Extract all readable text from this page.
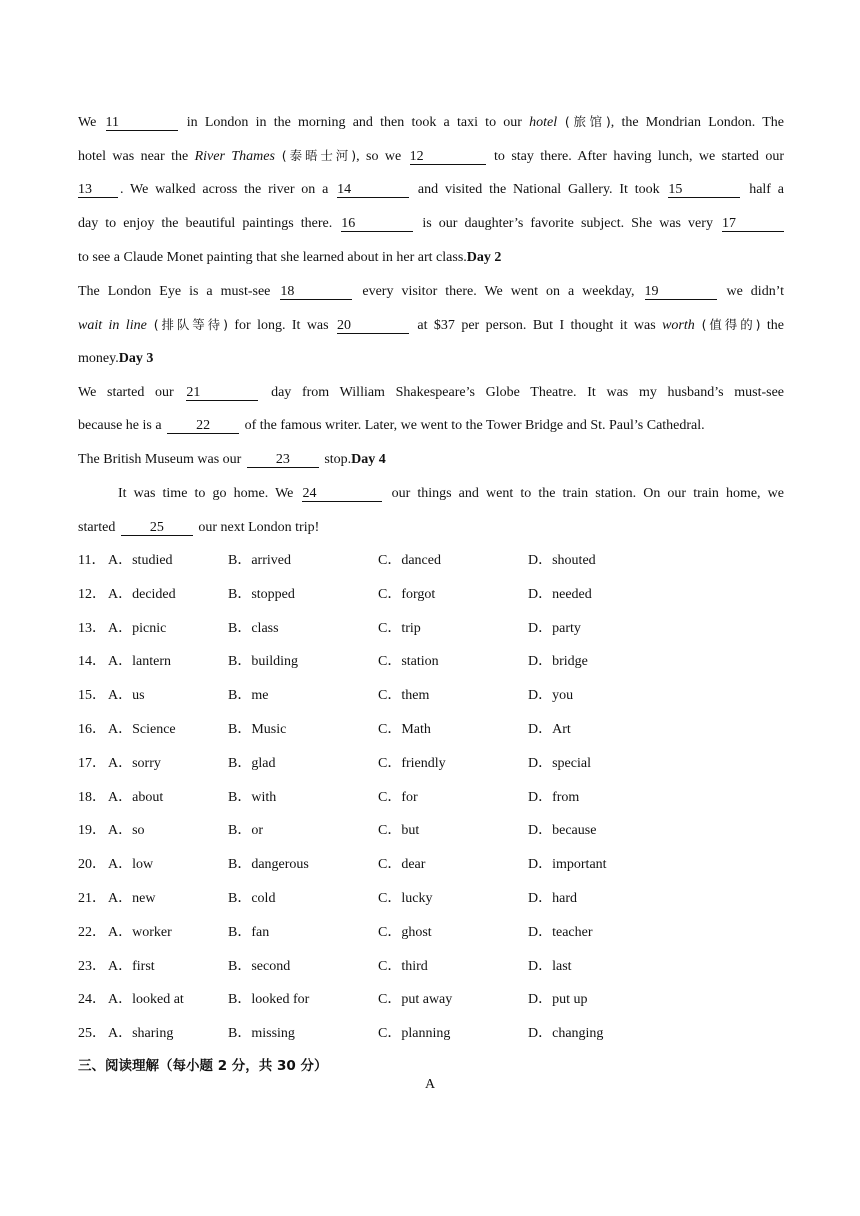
We 11	in London in the morning and then took a taxi to our hotel (旅馆), the Mondrian London. The
hotel was near the River Thames (泰晤士河), so we 12	to stay there. After having lunch, we started our
13 . We walked across the river on a 14	and visited the National Gallery. It took 15	half a
day to enjoy the beautiful paintings there. 16	is our daughter’s favorite subject. She was very 17
to see a Claude Monet painting that she learned about in her art class.Day 2
The London Eye is a must-see 18	every visitor there. We went on a weekday, 19	we didn’t
wait in line (排队等待) for long. It was 20	at $37 per person. But I thought it was worth (值得的) the
money.Day 3
We started our 21	day from William Shakespeare’s Globe Theatre. It was my husband’s must-see
because he is a 22 of the famous writer. Later, we went to the Tower Bridge and St. Paul’s Cathedral.
The British Museum was our 23 stop.Day 4
It was time to go home. We 24	our things and went to the train station. On our train home, we
started 25 our next London trip!
11． A．studied	B．arrived	C．danced	D．shouted
12． A．decided	B．stopped	C．forgot	D．needed
13． A．picnic	B．class	C．trip	D．party
14． A．lantern	B．building	C．station	D．bridge
15． A．us	B．me	C．them	D．you
16． A．Science	B．Music	C．Math	D．Art
17． A．sorry	B．glad	C．friendly	D．special
18． A．about	B．with	C．for	D．from
19． A．so	B．or	C．but	D．because
20． A．low	B．dangerous	C．dear	D．important
21． A．new	B．cold	C．lucky	D．hard
22． A．worker	B．fan	C．ghost	D．teacher
23． A．first	B．second	C．third	D．last
24． A．looked at	B．looked for	C．put away	D．put up
25． A．sharing	B．missing	C．planning	D．changing
三、阅读理解（每小题 2 分，共 30 分）
A
